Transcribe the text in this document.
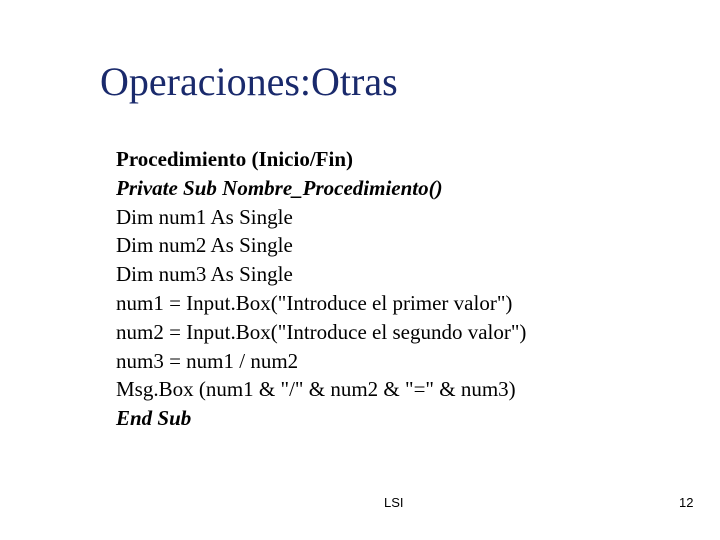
Operaciones:Otras
Procedimiento (Inicio/Fin)
Private Sub Nombre_Procedimiento()
Dim num1 As Single
Dim num2 As Single
Dim num3 As Single
num1 = Input.Box("Introduce el primer valor")
num2 = Input.Box("Introduce el segundo valor")
num3 = num1 / num2
Msg.Box (num1 & "/" & num2 & "=" & num3)
End Sub
LSI	12
